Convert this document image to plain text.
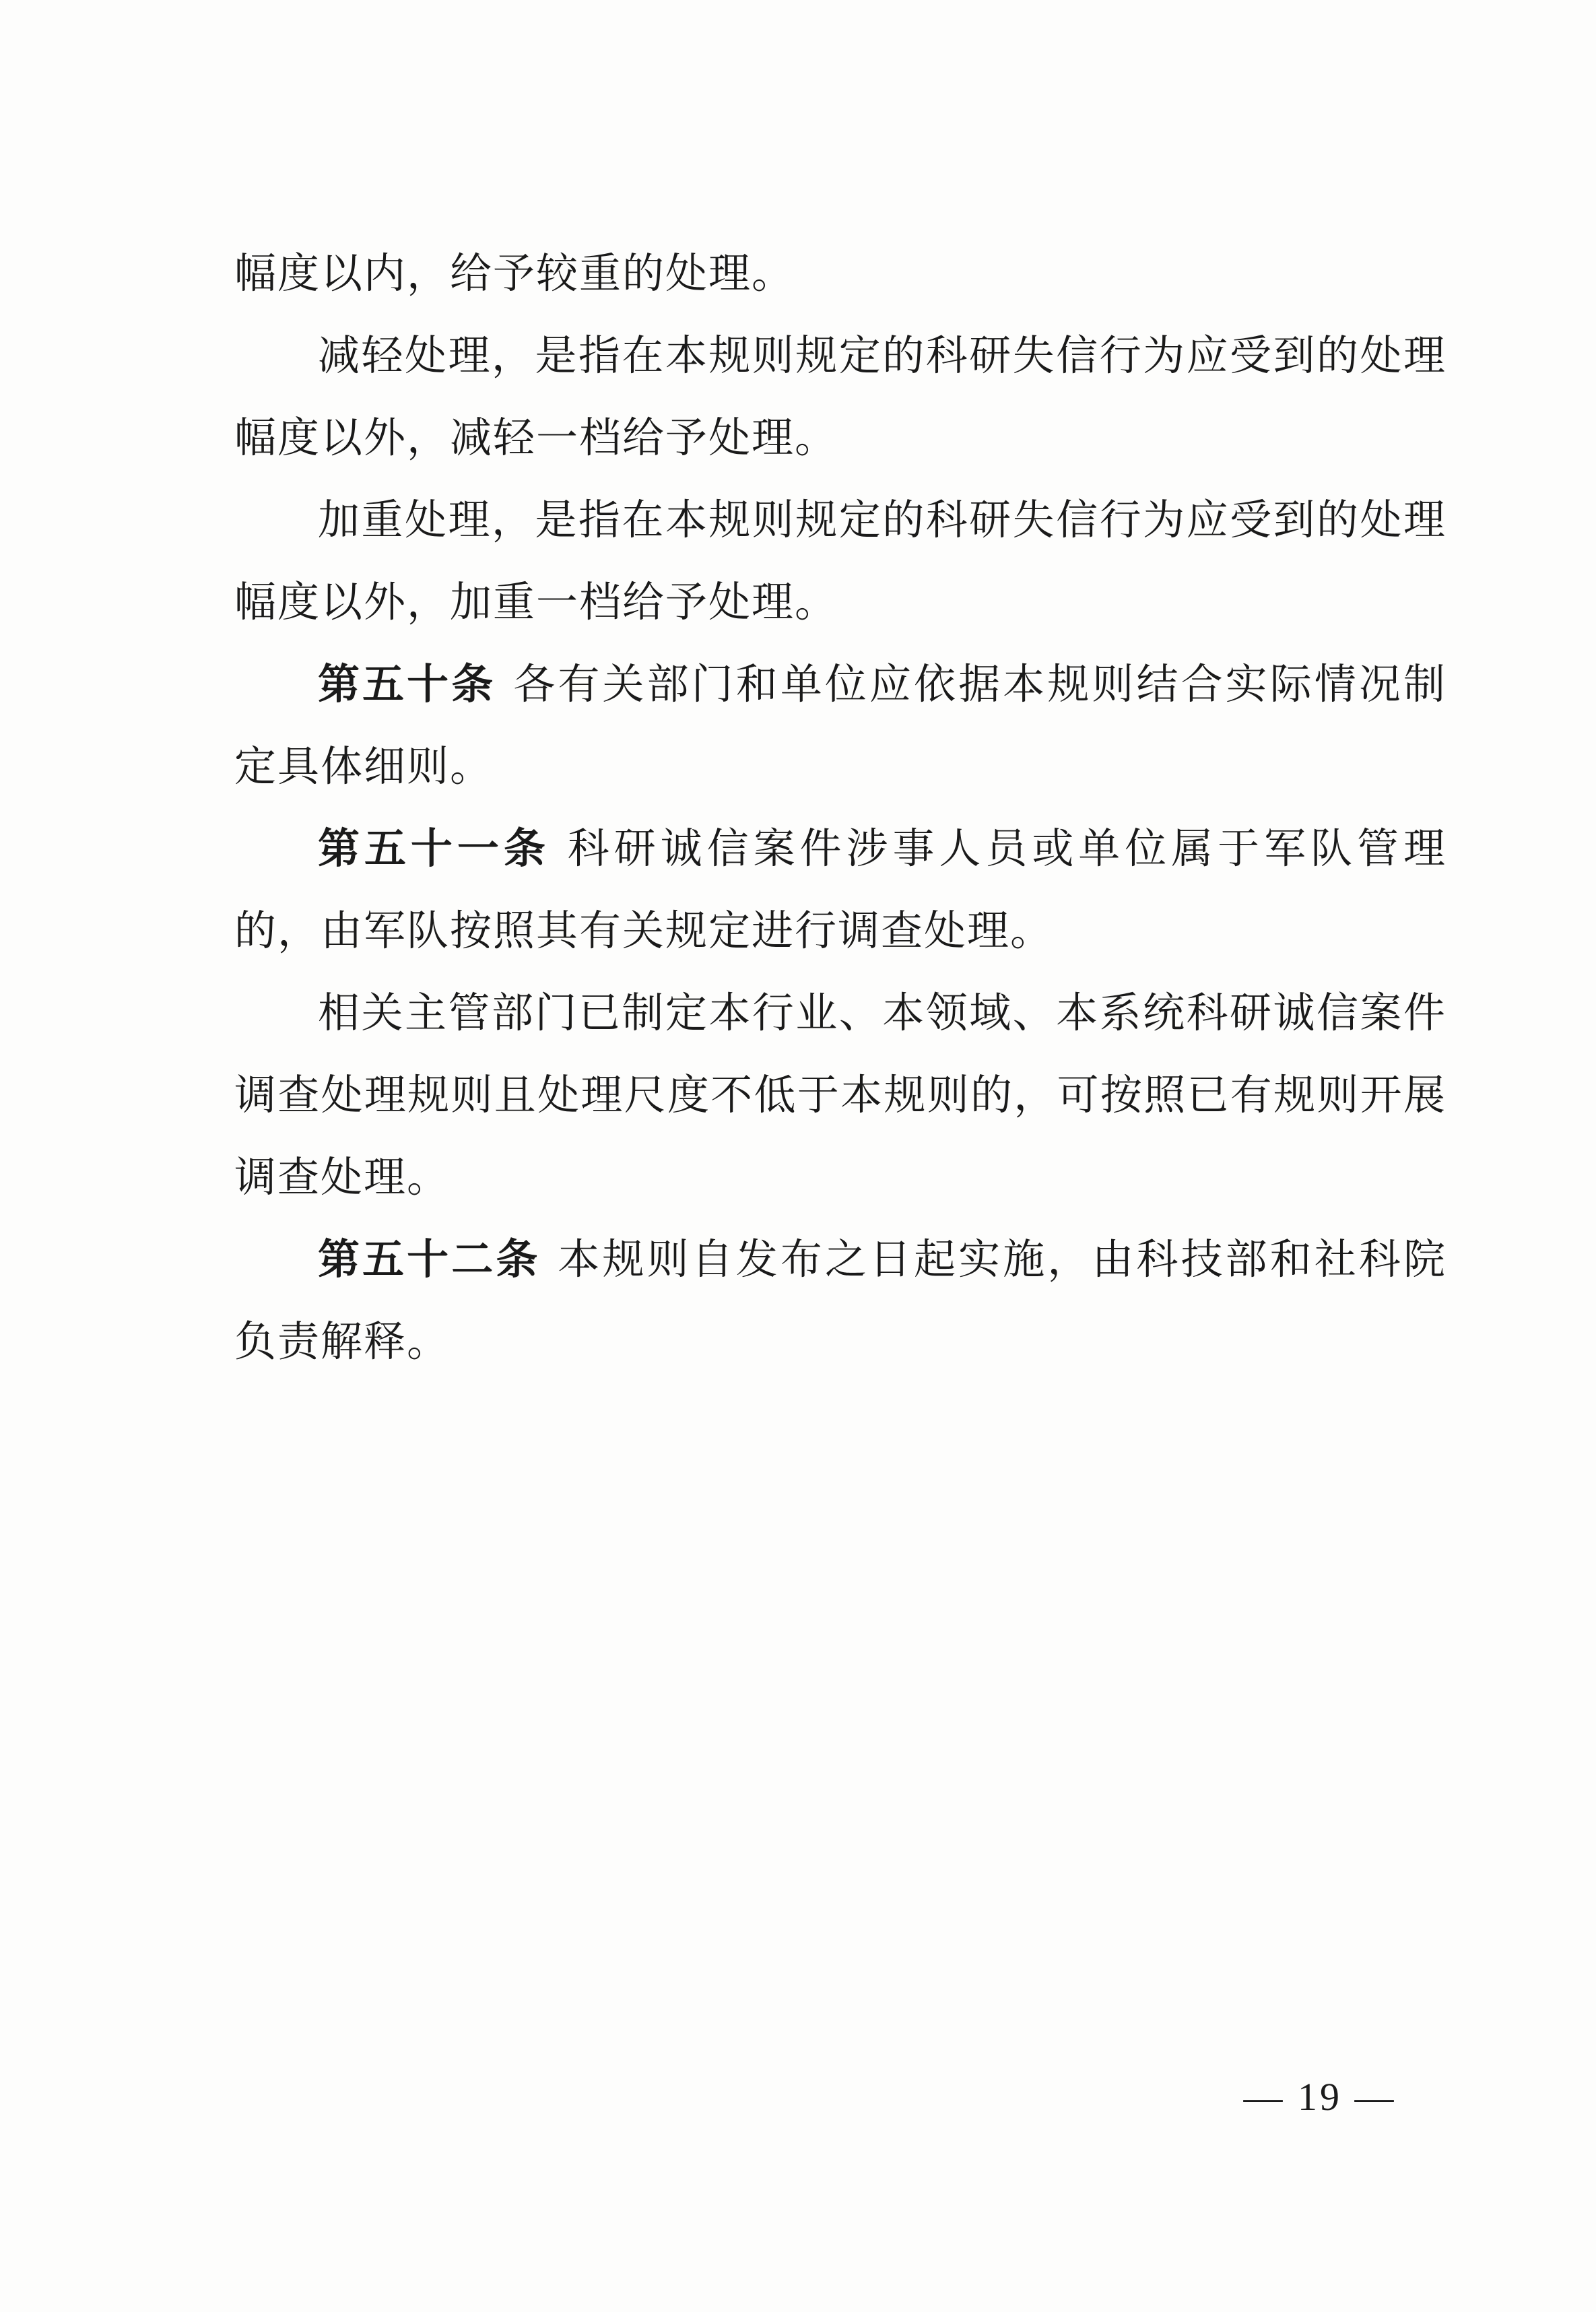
幅度以内，给予较重的处理。

减轻处理，是指在本规则规定的科研失信行为应受到的处理幅度以外，减轻一档给予处理。

加重处理，是指在本规则规定的科研失信行为应受到的处理幅度以外，加重一档给予处理。

第五十条 各有关部门和单位应依据本规则结合实际情况制定具体细则。

第五十一条 科研诚信案件涉事人员或单位属于军队管理的，由军队按照其有关规定进行调查处理。

相关主管部门已制定本行业、本领域、本系统科研诚信案件调查处理规则且处理尺度不低于本规则的，可按照已有规则开展调查处理。

第五十二条 本规则自发布之日起实施，由科技部和社科院负责解释。

— 19 —
